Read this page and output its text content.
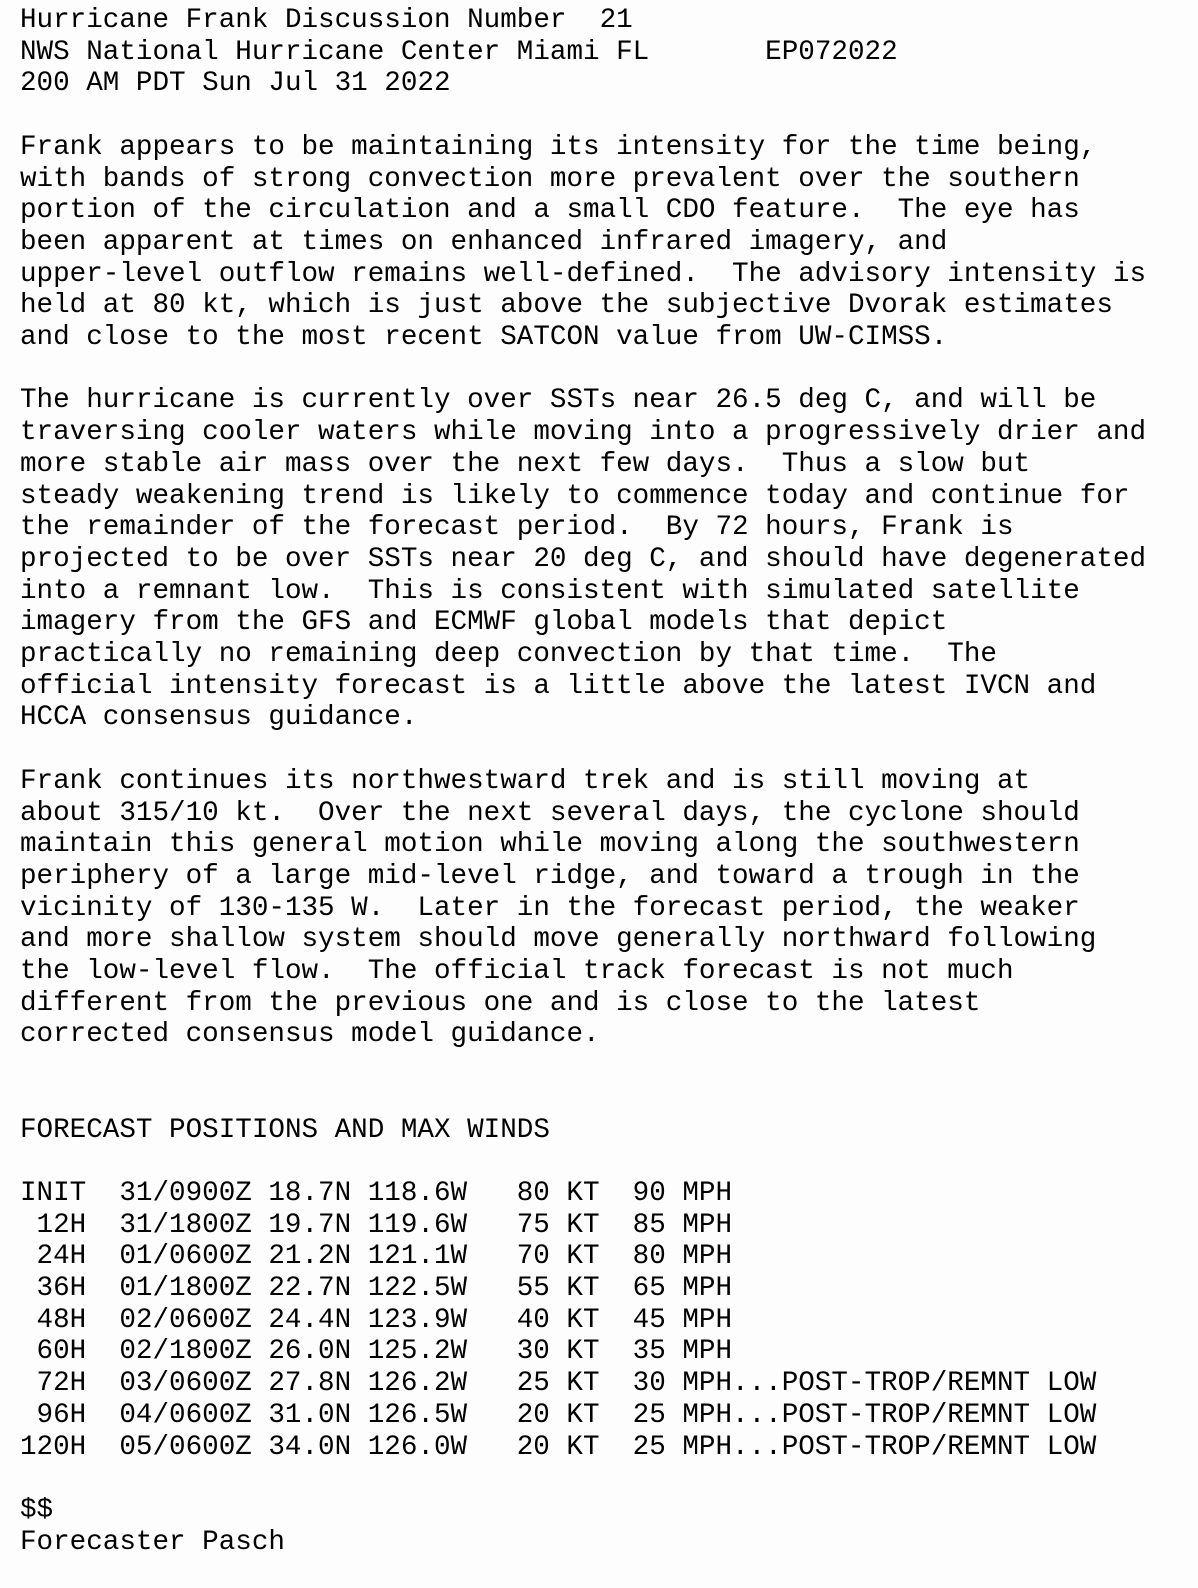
Hurricane Frank Discussion Number  21
NWS National Hurricane Center Miami FL       EP072022
200 AM PDT Sun Jul 31 2022
Frank appears to be maintaining its intensity for the time being,
with bands of strong convection more prevalent over the southern
portion of the circulation and a small CDO feature.  The eye has
been apparent at times on enhanced infrared imagery, and
upper-level outflow remains well-defined.  The advisory intensity is
held at 80 kt, which is just above the subjective Dvorak estimates
and close to the most recent SATCON value from UW-CIMSS.
The hurricane is currently over SSTs near 26.5 deg C, and will be
traversing cooler waters while moving into a progressively drier and
more stable air mass over the next few days.  Thus a slow but
steady weakening trend is likely to commence today and continue for
the remainder of the forecast period.  By 72 hours, Frank is
projected to be over SSTs near 20 deg C, and should have degenerated
into a remnant low.  This is consistent with simulated satellite
imagery from the GFS and ECMWF global models that depict
practically no remaining deep convection by that time.  The
official intensity forecast is a little above the latest IVCN and
HCCA consensus guidance.
Frank continues its northwestward trek and is still moving at
about 315/10 kt.  Over the next several days, the cyclone should
maintain this general motion while moving along the southwestern
periphery of a large mid-level ridge, and toward a trough in the
vicinity of 130-135 W.  Later in the forecast period, the weaker
and more shallow system should move generally northward following
the low-level flow.  The official track forecast is not much
different from the previous one and is close to the latest
corrected consensus model guidance.
FORECAST POSITIONS AND MAX WINDS
INIT 31/0900Z 18.7N 118.6W 80 KT 90 MPH
12H 31/1800Z 19.7N 119.6W 75 KT 85 MPH
24H 01/0600Z 21.2N 121.1W 70 KT 80 MPH
36H 01/1800Z 22.7N 122.5W 55 KT 65 MPH
48H 02/0600Z 24.4N 123.9W 40 KT 45 MPH
60H 02/1800Z 26.0N 125.2W 30 KT 35 MPH
72H 03/0600Z 27.8N 126.2W 25 KT 30 MPH...POST-TROP/REMNT LOW
96H 04/0600Z 31.0N 126.5W 20 KT 25 MPH...POST-TROP/REMNT LOW
120H 05/0600Z 34.0N 126.0W 20 KT 25 MPH...POST-TROP/REMNT LOW
$$
Forecaster Pasch
